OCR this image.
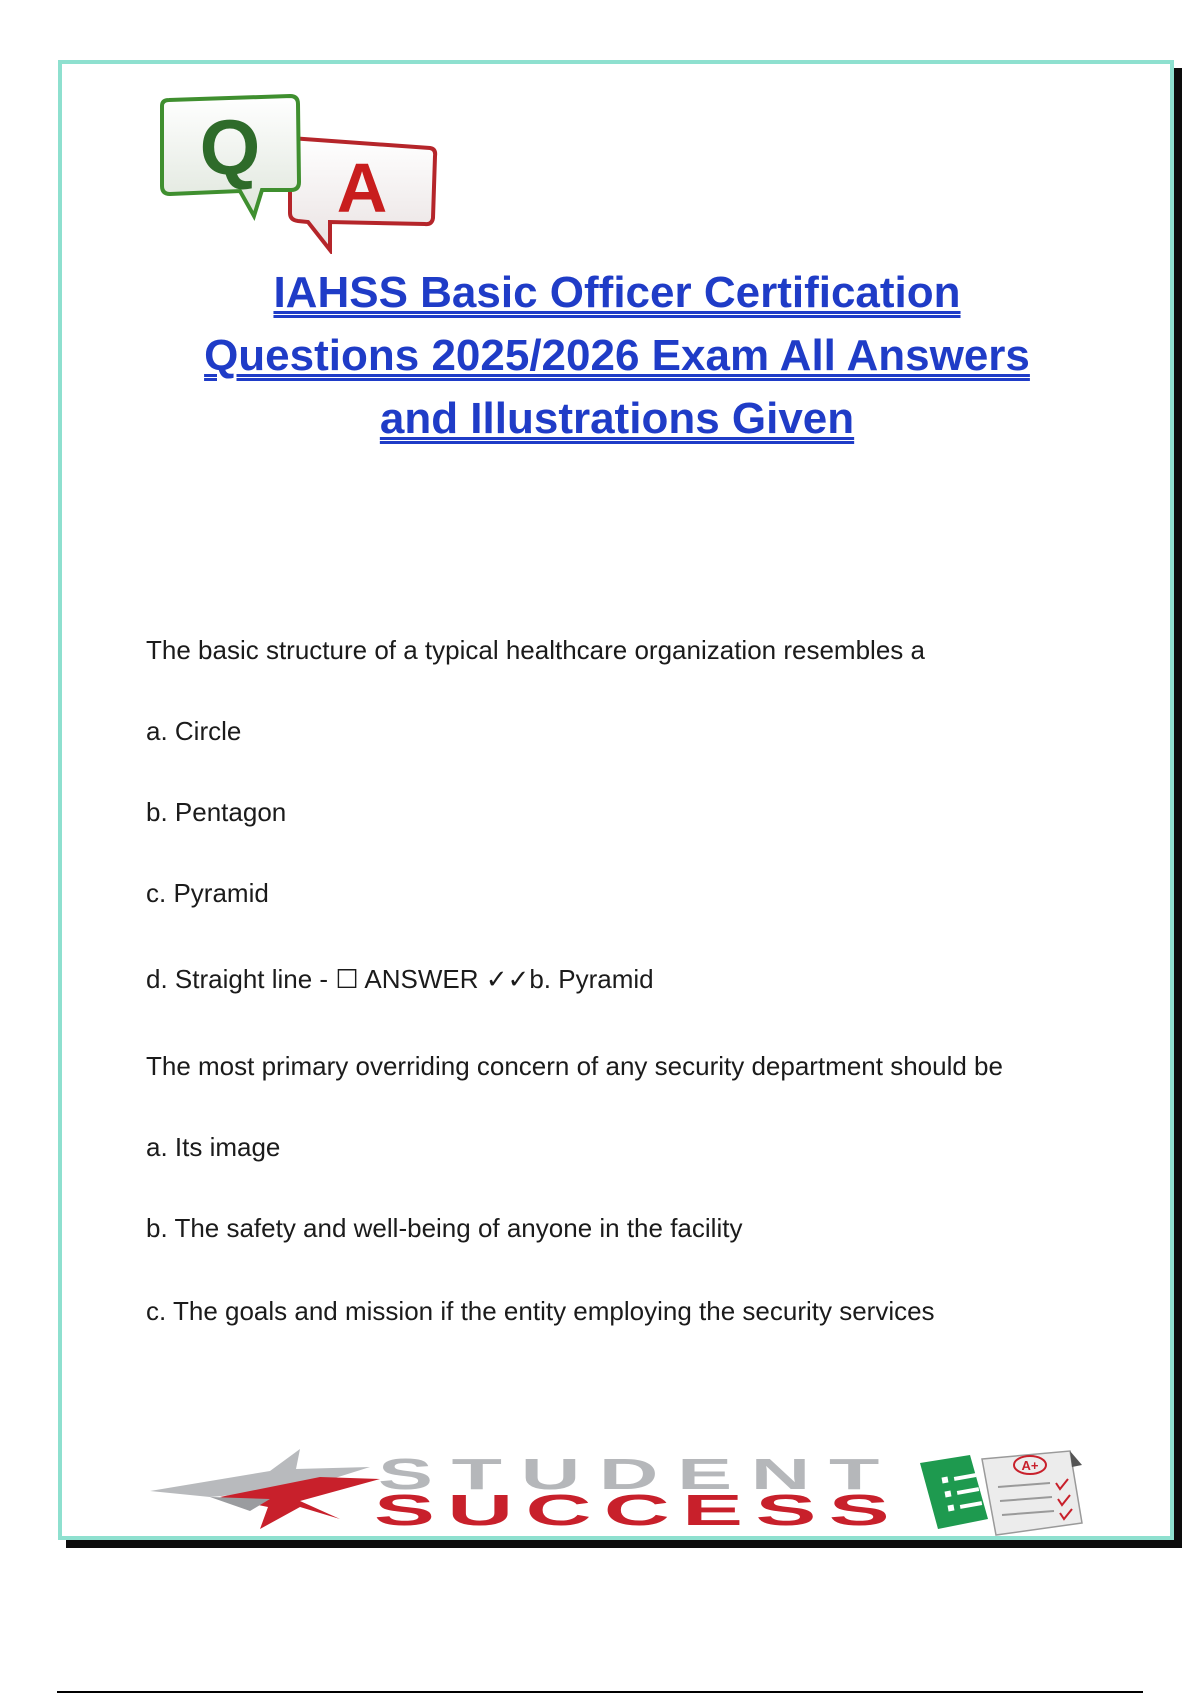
A
Q
IAHSS Basic Officer Certification
Questions 2025/2026 Exam All Answers
and Illustrations Given

The basic structure of a typical healthcare organization resembles a

a. Circle

b. Pentagon

c. Pyramid

d. Straight line - ☐ ANSWER ✓✓b. Pyramid

The most primary overriding concern of any security department should be

a. Its image

b. The safety and well-being of anyone in the facility

c. The goals and mission if the entity employing the security services

STUDENT
SUCCESS
A+
